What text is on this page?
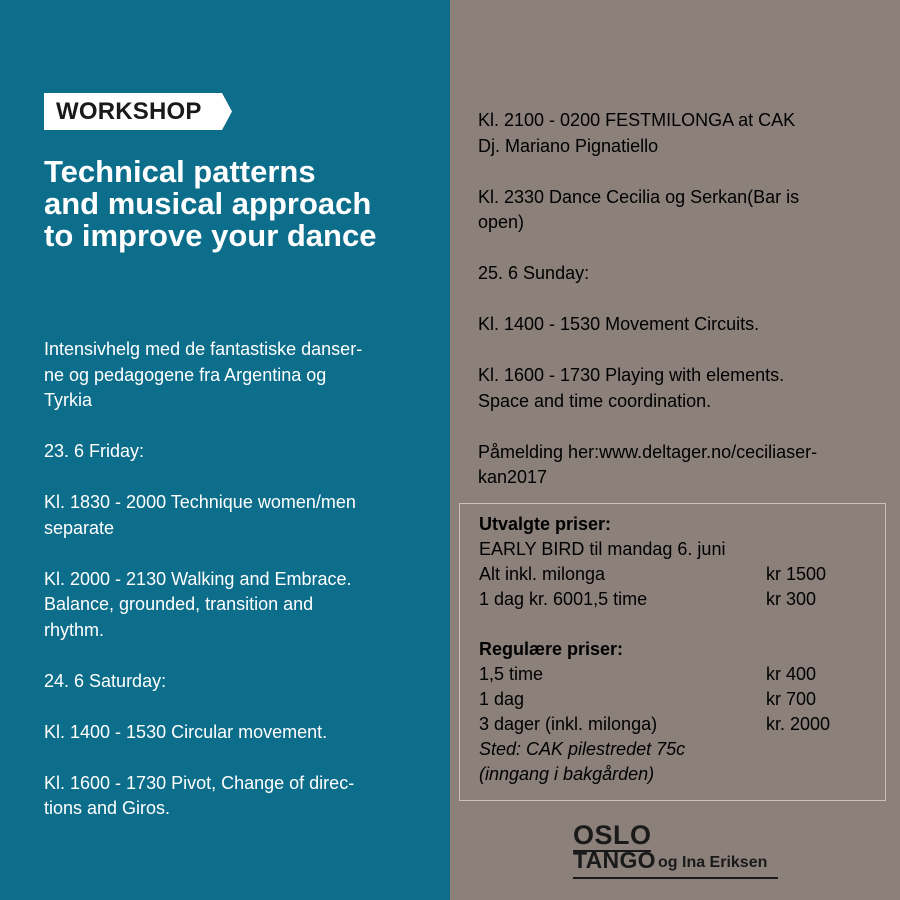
WORKSHOP
Technical patterns
and musical approach
to improve your dance

Intensivhelg med de fantastiske danser-
ne og pedagogene fra Argentina og
Tyrkia

23. 6 Friday:

Kl. 1830 - 2000 Technique women/men
separate

Kl. 2000 - 2130 Walking and Embrace.
Balance, grounded, transition and
rhythm.

24. 6 Saturday:

Kl. 1400 - 1530 Circular movement.

Kl. 1600 - 1730 Pivot, Change of direc-
tions and Giros.

Kl. 2100 - 0200 FESTMILONGA at CAK
Dj. Mariano Pignatiello

Kl. 2330 Dance Cecilia og Serkan(Bar is
open)

25. 6 Sunday:

Kl. 1400 - 1530 Movement Circuits.

Kl. 1600 - 1730 Playing with elements.
Space and time coordination.

Påmelding her:www.deltager.no/ceciliaser-
kan2017

Utvalgte priser:
EARLY BIRD til mandag 6. juni
Alt inkl. milonga	kr 1500
1 dag kr. 6001,5 time	kr 300
Regulære priser:
1,5 time	kr 400
1 dag	kr 700
3 dager (inkl. milonga)	kr. 2000
Sted: CAK pilestredet 75c
(inngang i bakgården)
OSLO
TANGO og Ina Eriksen
